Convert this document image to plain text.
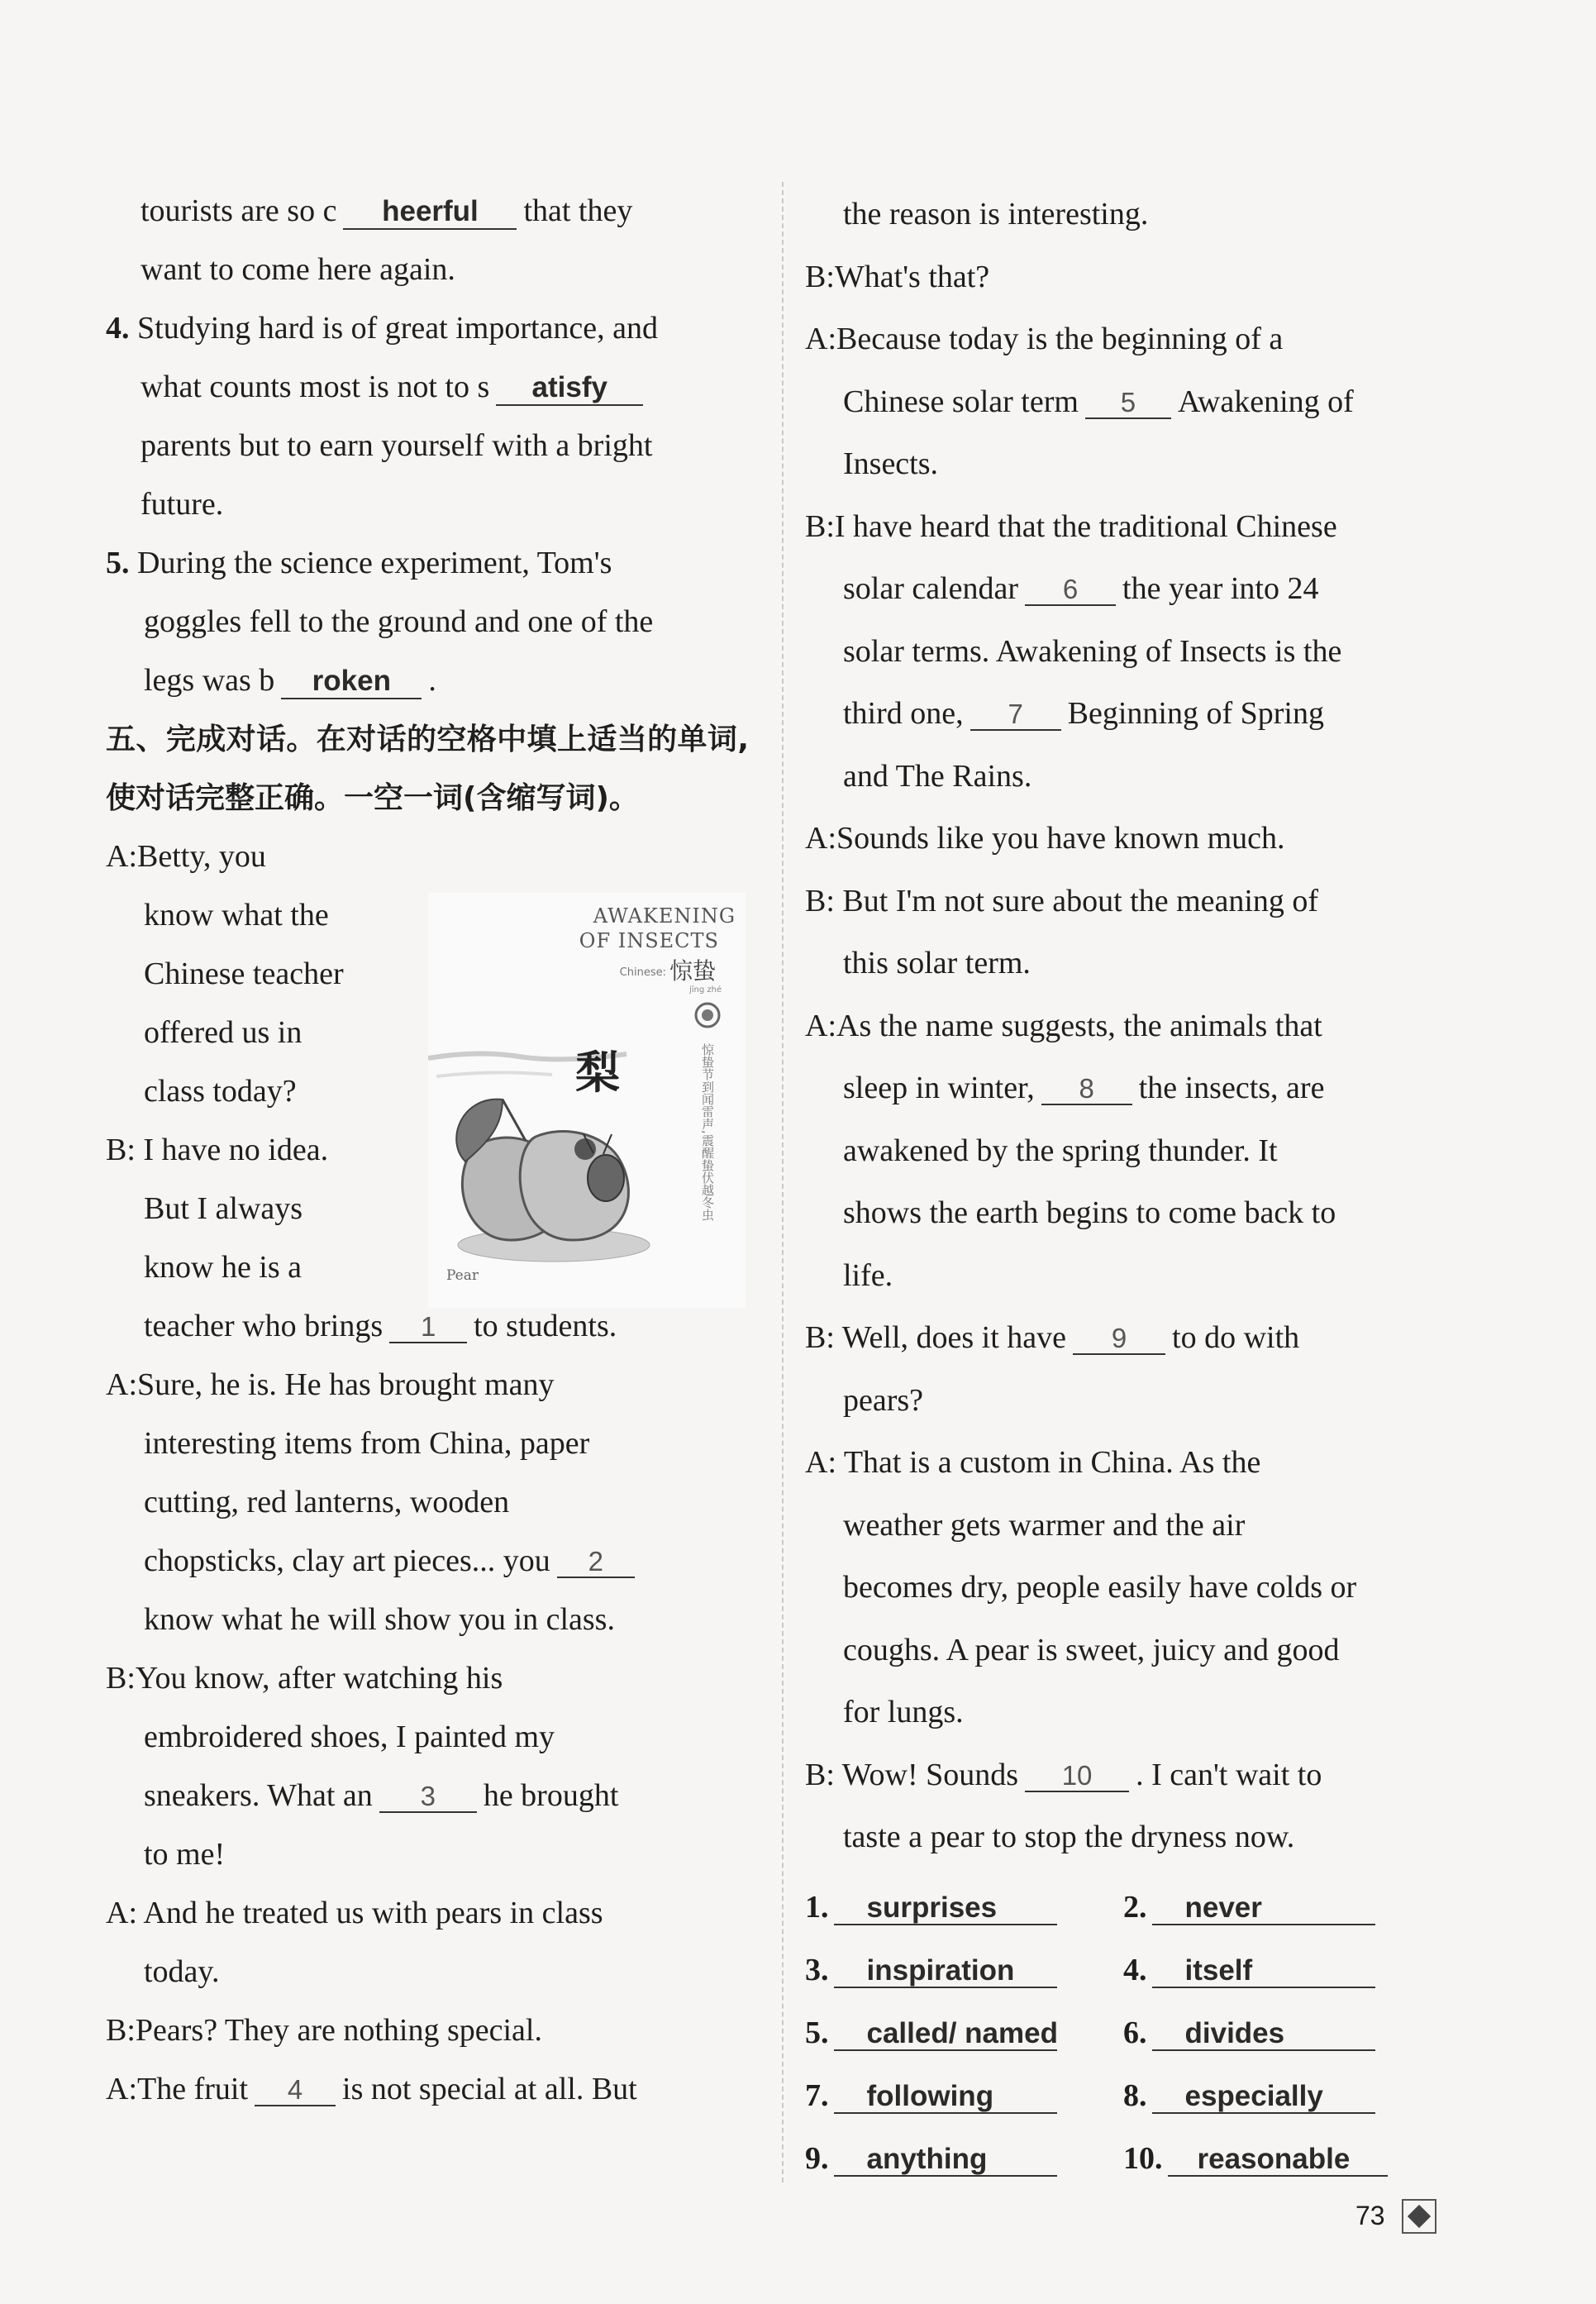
tourists are so c heerful that they

want to come here again.

4. Studying hard is of great importance, and

what counts most is not to s atisfy

parents but to earn yourself with a bright

future.

5. During the science experiment, Tom's

goggles fell to the ground and one of the

legs was b roken .

五、完成对话。在对话的空格中填上适当的单词,使对话完整正确。一空一词(含缩写词)。

A:Betty, you

know what the

Chinese teacher

offered us in

class today?

B: I have no idea.

But I always

know he is a

teacher who brings 1 to students.

A:Sure, he is. He has brought many

interesting items from China, paper

cutting, red lanterns, wooden

chopsticks, clay art pieces... you 2

know what he will show you in class.

B:You know, after watching his

embroidered shoes, I painted my

sneakers. What an 3 he brought

to me!

A: And he treated us with pears in class

today.

B:Pears? They are nothing special.

A:The fruit 4 is not special at all. But

AWAKENING
OF INSECTS
Chinese: 惊蛰
jīng zhé
惊蛰节到闻雷声,震醒蛰伏越冬虫
梨
Pear

the reason is interesting.

B:What's that?

A:Because today is the beginning of a

Chinese solar term 5 Awakening of

Insects.

B:I have heard that the traditional Chinese

solar calendar 6 the year into 24

solar terms. Awakening of Insects is the

third one, 7 Beginning of Spring

and The Rains.

A:Sounds like you have known much.

B: But I'm not sure about the meaning of

this solar term.

A:As the name suggests, the animals that

sleep in winter, 8 the insects, are

awakened by the spring thunder. It

shows the earth begins to come back to

life.

B: Well, does it have 9 to do with

pears?

A: That is a custom in China. As the

weather gets warmer and the air

becomes dry, people easily have colds or

coughs. A pear is sweet, juicy and good

for lungs.

B: Wow! Sounds 10 . I can't wait to

taste a pear to stop the dryness now.

1. surprises	2. never
3. inspiration	4. itself
5. called/ named	6. divides
7. following	8. especially
9. anything	10. reasonable
73
